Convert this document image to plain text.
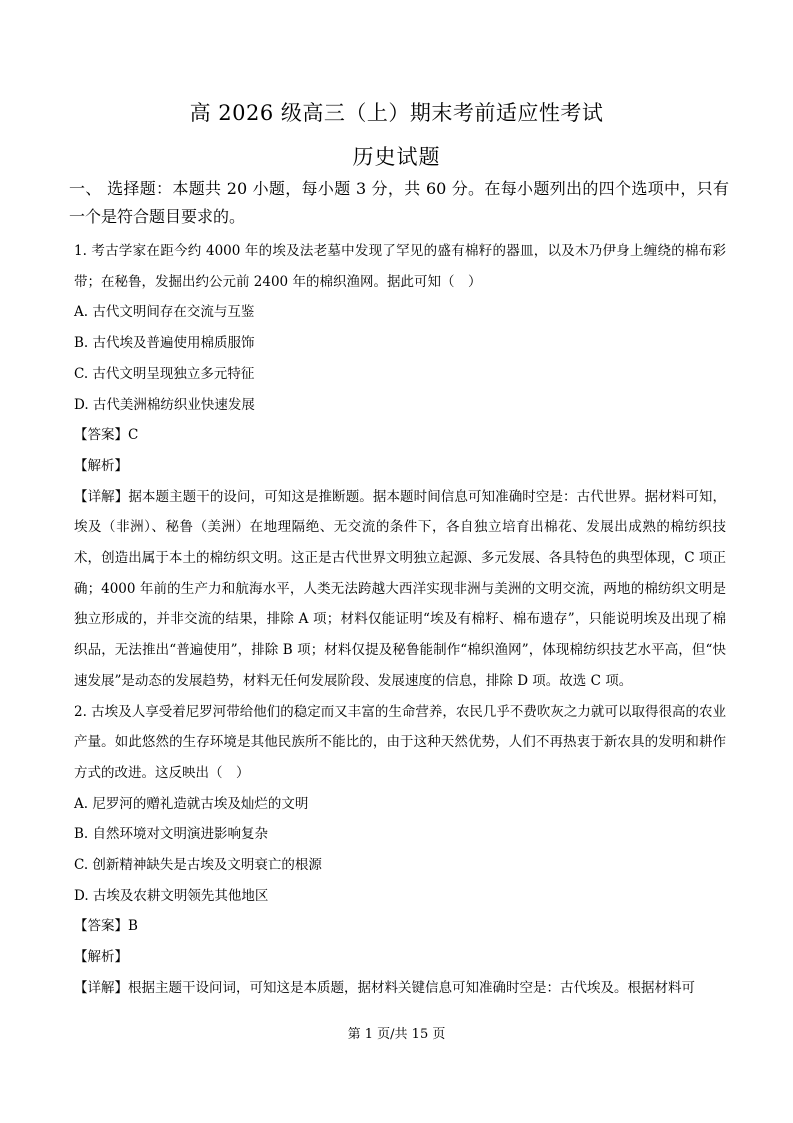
高 2026 级高三（上）期末考前适应性考试
历史试题
一、 选择题：本题共 20 小题，每小题 3 分，共 60 分。在每小题列出的四个选项中，只有一个是符合题目要求的。

1. 考古学家在距今约 4000 年的埃及法老墓中发现了罕见的盛有棉籽的器皿，以及木乃伊身上缠绕的棉布彩带；在秘鲁，发掘出约公元前 2400 年的棉织渔网。据此可知（　）

A. 古代文明间存在交流与互鉴

B. 古代埃及普遍使用棉质服饰

C. 古代文明呈现独立多元特征

D. 古代美洲棉纺织业快速发展

【答案】C

【解析】

【详解】据本题主题干的设问，可知这是推断题。据本题时间信息可知准确时空是：古代世界。据材料可知，埃及（非洲）、秘鲁（美洲）在地理隔绝、无交流的条件下，各自独立培育出棉花、发展出成熟的棉纺织技术，创造出属于本土的棉纺织文明。这正是古代世界文明独立起源、多元发展、各具特色的典型体现，C 项正确；4000 年前的生产力和航海水平，人类无法跨越大西洋实现非洲与美洲的文明交流，两地的棉纺织文明是独立形成的，并非交流的结果，排除 A 项；材料仅能证明“埃及有棉籽、棉布遗存”，只能说明埃及出现了棉织品，无法推出“普遍使用”，排除 B 项；材料仅提及秘鲁能制作“棉织渔网”，体现棉纺织技艺水平高，但“快速发展”是动态的发展趋势，材料无任何发展阶段、发展速度的信息，排除 D 项。故选 C 项。

2. 古埃及人享受着尼罗河带给他们的稳定而又丰富的生命营养，农民几乎不费吹灰之力就可以取得很高的农业产量。如此悠然的生存环境是其他民族所不能比的，由于这种天然优势，人们不再热衷于新农具的发明和耕作方式的改进。这反映出（　）

A. 尼罗河的赠礼造就古埃及灿烂的文明

B. 自然环境对文明演进影响复杂

C. 创新精神缺失是古埃及文明衰亡的根源

D. 古埃及农耕文明领先其他地区

【答案】B

【解析】

【详解】根据主题干设问词，可知这是本质题，据材料关键信息可知准确时空是：古代埃及。根据材料可

第 1 页/共 15 页
